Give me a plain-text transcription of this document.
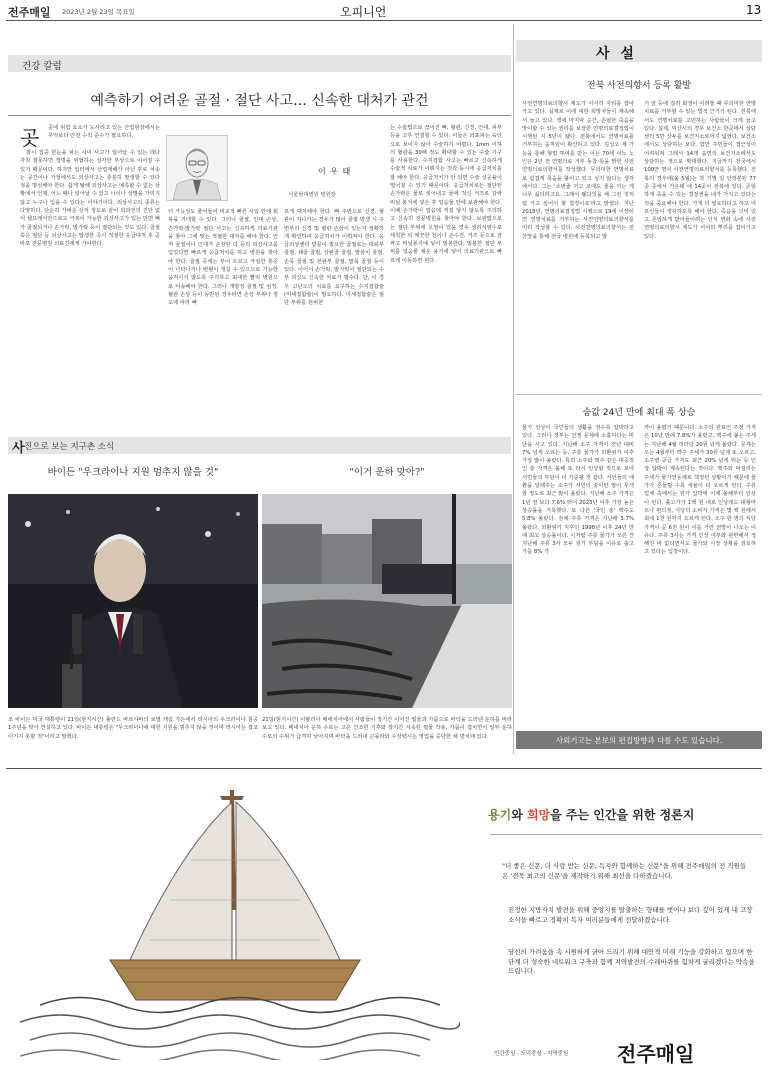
전주매일 2023년 2월 23일 목요일	오피니언	13
건강 칼럼
예측하기 어려운 골절 · 절단 사고… 신속한 대처가 관건
곳 곳에 위험 요소가 도사리고 있는 산업현장에서는 무엇보다 안전 수칙 준수가 필요하다.

잠시 집중 한눈을 파는 사이 사고가 일어날 수 있는 데다 자칫 잘못하면 생명을 위협하는 심각한 부상으로 이어질 수 있기 때문이다. 하지만 일터에서 산업재해가 아닌 후로 치솟는 공간이나 가정에서도 외상사고는 충분히 발생할 수 있다 점을 명심해야 한다. 쉽게 탈해 외상사고는 예측할 수 없는 상황에서 언제, 어느 때나 일어날 수 있고 나이나 성별을 가리지 않고 누구나 입을 수 있다는 이야기이다. 외상사고의 종류는 다양하다. 단순히 가벼운 상처 정도로 끝이 외과전의 진단 없이 셀프케어만으로도 극복이 가능한 외상사고가 있는 반면 뼈가 골절되거나 손가락, 발가락 등이 절단되는 것도 있다. 골절 혹은 절단 등 외상사고는 발생한 즉시 적절한 응급대처 후 곧바로 전문병원 의료진에게 가야한다.

이 우 태
서울현대병원 병원장

터 가능성도 줄어들어 비교적 빠른 시일 안에 회복을 기대할 수 있다. 그러나 골절, 인대 손상, 손가락·발가락 절단 사고는 신속하게 의료기관을 찾아 그에 맞는 적절한 대처를 해야 한다. 먼저 골절이나 인대가 손상된 다 등의 외상사고를 입었다면 빠르게 응급처치를 하고 병원을 찾아야 한다. 골절 증세는 부어 오르고 극심한 통증이 나타나거나 변형이 생길 수 있으므로 가능한 움직이지 않도록 주의하고 최대한 빨리 병원으로 이송해야 한다. 그러나 개방성 골절 및 심정, 혈관 손상 등이 동반된 경우라면 손상 부위나 정도에 따라 빠

르게 대처해야 한다. 뼈 주변으로 신경, 혈관이 지나가는 경우가 많아 골절 방생 시 주변부의 신경 및 혈관 손상이 있는지 정확하게 확인하여 응급처치가 이뤄져야 한다. 응급외상센터 방문이 필요한 골절로는 대퇴부 골절, 쇄골 골절, 상완골 골절, 팔꿈치 골절, 손목 골절 및 전완부 골절, 발목 골절 등이 있다. 이어서 손가락, 발가락이 절단되는 수부 외상도 신속한 치료가 필수다. 단, 이 경우 고난도의 치료를 요구하는 수지접합술(미세접합술)이 필요하다. 미세접합술은 절단 부위를 원위한

는 수술법으로 끊어진 뼈, 혈관, 신경, 인대, 피부 등을 고루 연결할 수 있다. 이들은 외표피는 육안으로 보이지 않아 수술하기 어렵다. 1mm 이하의 혈관을 30배 정도 확대할 수 있는 수술 기구를 사용한다. 수지접합 사고는 빠르고 신속하게 수술적 치료가 이뤄지는 것과 동시에 응급처치를 잘 해야 한다. 응급처치가 안 되면 수술 성공률이 떨어질 수 있기 때문이다. 응급처치로는 절단된 손가락은 물로 씻어내고 물에 적신 거즈로 감싸 비닐 봉지에 넣은 후 얼음물 안에 보관해야 한다. 이때 손가락이 얼음에 직접 닿지 않도록 주의하고 신속히 전문병원을 찾아야 한다. 보관법으로는 절단 부위에 오염이 있을 경우 생리식염수로 세척한 뒤 깨끗한 천이나 손수건, 거즈 등으로 감싸고 비닐봉지에 넣어 밀봉한다. 밀봉한 절단 부위를 얼음물 채운 용기에 넣어 의료기관으로 빠르게 이동하면 된다.

사 설
전북 사전의향서 등록 활발

사전연명의료의향서 제도가 서서히 자리를 잡아가고 있다. 실제로 이에 대한 희망자들이 계속해서 늘고 있다. 생애 마지막 순간, 존엄한 죽음을 맞이할 수 있는 권리를 보장한 연명의료결정법이 시행된 지 5년이 됐다. 전북에서도 연명치료를 거부하는 움직임이 확산하고 있다. 김성오 제 가능을 통해 형벌 투여를 받는 이는 70세 이노 노인은 2년 전 연명의료 거부 동참 뜻을 밝힌 사전연명의료의향서를 작성했다. 무의미한 연명치료로 힘겹게 목숨을 붙이고 있고 싶지 않다는 생각에서다. 그는 '소변줄 끼고 코에도 줄을 끼는 게 너무 싫더라고요. 그래서 웰다잉을 해 그런 것처럼 가고 싶어서 할 결정이죠'라고 밝혔다. 지난 2018년, 연명의료결정법 시행으로 19세 이상이면 연명치료를 거부하는 사전연명의료의향서를 미리 작성할 수 있다. 사전연명의료의향서는 전산망을 통해 전국 병원에 등록되고 말

기 앞 등에 걸려 회생이 어려울 때 무의미한 연명치료를 거부할 수 있는 법적 근거가 된다. 전북에서도 연명치료를 고민하는 사람들이 크게 늘고 있다. 실제, 익산시의 경우 보건소 한곳에서 상담센터 5만 상두를 보건지소로까지 넓혔다. 보건소에서도 상담하는 보다, 함만 주민들이 접근성이 어려워져 그래서 14개 읍면의 보건지소에서도 상담하는 것으로 확대했다. 지금까지 전국에서 100만 명이 사전연명의료의향서를 등록했다. 전북의 경우에(올 5월)는 작 기별 일 인정분된 77곳 중에서 가운데 에 14곳이 전북에 있다. 존엄하게 죽을 수 있는 결정권을 내가 가지고 있다는 것을 중요해야 한다. 가개 더 필요하다고 하고 어르신들이 생각하도록 해야 한다. 죽음을 의미 있고 존엄하게 받아들이려는 인식 변화 속에 사전연명의료의향서 제도가 서서히 뿌리를 잡아가고 있다.

숨값 24년 만에 최대 폭 상승

물가 인상이 국민들의 생활을 점수록 압박하고 있다. 그러나 정부는 전쟁 문제에 소홀하다는 비난을 사고 있다. 지난해 소주 가격이 전년 대비 7% 넘게 오르는 등, 주류 물가가 외환위기 이후 가장 많이 올랐다. 특히 소주와 맥주 같은 대중적인 술 가격은 올해 또 다시 인상할 것으로 보여 서민들의 부담이 더 가중될 것 같다. 서민들의 애환을 달래주는 소주가 서민의 술이란 말이 무색할 정도로 최근 많이 올랐다. 지난해 소주 가격은 1년 전 보다 7.6% 뛰어 2023년 이후 가장 높은 상승률을 기록했다. 또 다른 '국민 술' 맥주도 5.8% 올랐다. 전체 주류 가격은 지난해 5.7% 올랐다. 외환위기 직후인 1998년 이후 24년 만에 최고 상승률이다. 이처럼 주류 물가가 오른 건 지난해 주류 3사 모두 원가 부담을 이유로 출고가를 8% 가

까이 올렸기 때문이다. 소주의 원료인 주정 가격은 10년 만에 7.8%가 올랐고, 맥주에 붙는 주세는 지난해 4월 리터당 20원 넘게 올랐다. 문제는 오는 4월부터 맥주 주세가 30원 넘게 또 오르고, 소주병 공급 가격도 최근 20% 넘게 뛰는 등 인상 압박이 계속된다는 것이다. 맥주와 막걸리는 주세가 물가연동제로 책정된 상황이기 때문에 물가가 흔들릴 수록 세율이 더 오르게 된다. 주류 업체 측에서는 원가 압박에 이제 올해부터 인상이 된다. 출고가가 1백 원 내로 인상돼도 대형마트나 편의점, 식당의 소비자 가격은 몇 백 원에서 최대 1천 원까지 오르게 된다. 소주 한 병의 식당 가격이 곧 6천 원이 이를 거란 전망이 나오는 이유다. 주류 3사는 가격 인상 여부와 관련해서 정해진 바 없다면서도 물가와 시장 상황을 검토하고 있다는 입장이다.

사외기고는 본보의 편집방향과 다를 수도 있습니다.
사 진으로 보는 지구촌 소식
바이든 "우크라이나 지원 멈추지 않을 것"	"이거 운하 맞아?"

조 바이든 미국 대통령이 21일(현지시간) 폴란드 바르샤바의 로열 캐슬 가든에서 러시아의 우크라이나 침공 1주년을 맞아 연설하고 있다. 바이든 대통령은 "우크라이나에 대한 지원을 멈추지 않을 것이며 러시아는 결코 이기지 못할 것"이라고 말했다.

21일(현지시간) 이탈리아 베네치아에서 사람들이 장기간 이어진 썰물과 가뭄으로 바닥을 드러낸 운하를 바라보고 있다. 베네치아 운하 수로는 고온 건조한 기후와 장기간 지속된 썰물 작용, 가뭄이 겹치면서 일부 운하 수로의 수위가 급격히 낮아지며 바닥을 드러내 곤돌라와 수상택시는 영업을 중단한 채 방치돼 있다.

용기와 희망을 주는 인간을 위한 정론지

"더 좋은 신문, 더 사랑 받는 신문, 독자와 함께하는 신문"을 위해 전주매일의 전 직원들은 '전북 최고의 신문'을 제작하기 위해 최선을 다하겠습니다.

진정한 지방자치 발전을 위해 중앙지를 탈출하는 형태를 벗어나 보다 깊이 있게 내 고장 소식을 빠르고 정확히 독자 여러분들에게 전달하겠습니다.

당신의 가려움을 속 시원하게 긁어 드리기 위해 대안적 미래 기능을 강화하고 있으며 한 단계 더 성숙한 네트워크 구축과 함께 지역발전의 수레바퀴를 힘차게 굴리겠다는 약속을 드립니다.

인간중심 · 도덕중심 · 지역중심 전주매일
